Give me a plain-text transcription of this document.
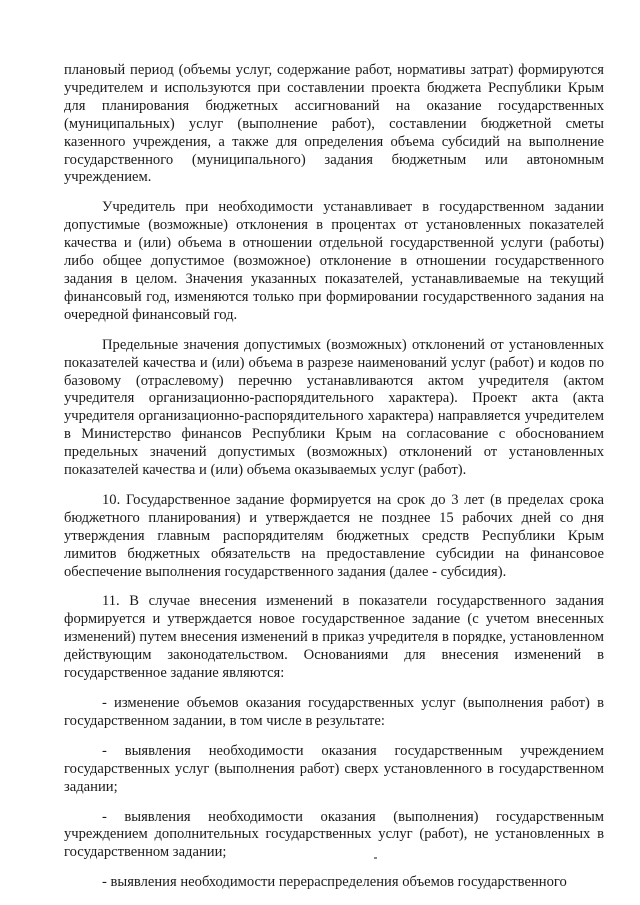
плановый период (объемы услуг, содержание работ, нормативы затрат) формируются учредителем и используются при составлении проекта бюджета Республики Крым для планирования бюджетных ассигнований на оказание государственных (муниципальных) услуг (выполнение работ), составлении бюджетной сметы казенного учреждения, а также для определения объема субсидий на выполнение государственного (муниципального) задания бюджетным или автономным учреждением.

Учредитель при необходимости устанавливает в государственном задании допустимые (возможные) отклонения в процентах от установленных показателей качества и (или) объема в отношении отдельной государственной услуги (работы) либо общее допустимое (возможное) отклонение в отношении государственного задания в целом. Значения указанных показателей, устанавливаемые на текущий финансовый год, изменяются только при формировании государственного задания на очередной финансовый год.

Предельные значения допустимых (возможных) отклонений от установленных показателей качества и (или) объема в разрезе наименований услуг (работ) и кодов по базовому (отраслевому) перечню устанавливаются актом учредителя (актом учредителя организационно-распорядительного характера). Проект акта (акта учредителя организационно-распорядительного характера) направляется учредителем в Министерство финансов Республики Крым на согласование с обоснованием предельных значений допустимых (возможных) отклонений от установленных показателей качества и (или) объема оказываемых услуг (работ).

10. Государственное задание формируется на срок до 3 лет (в пределах срока бюджетного планирования) и утверждается не позднее 15 рабочих дней со дня утверждения главным распорядителям бюджетных средств Республики Крым лимитов бюджетных обязательств на предоставление субсидии на финансовое обеспечение выполнения государственного задания (далее - субсидия).

11. В случае внесения изменений в показатели государственного задания формируется и утверждается новое государственное задание (с учетом внесенных изменений) путем внесения изменений в приказ учредителя в порядке, установленном действующим законодательством. Основаниями для внесения изменений в государственное задание являются:

- изменение объемов оказания государственных услуг (выполнения работ) в государственном задании, в том числе в результате:

- выявления необходимости оказания государственным учреждением государственных услуг (выполнения работ) сверх установленного в государственном задании;

- выявления необходимости оказания (выполнения) государственным учреждением дополнительных государственных услуг (работ), не установленных в государственном задании;

- выявления необходимости перераспределения объемов государственного
